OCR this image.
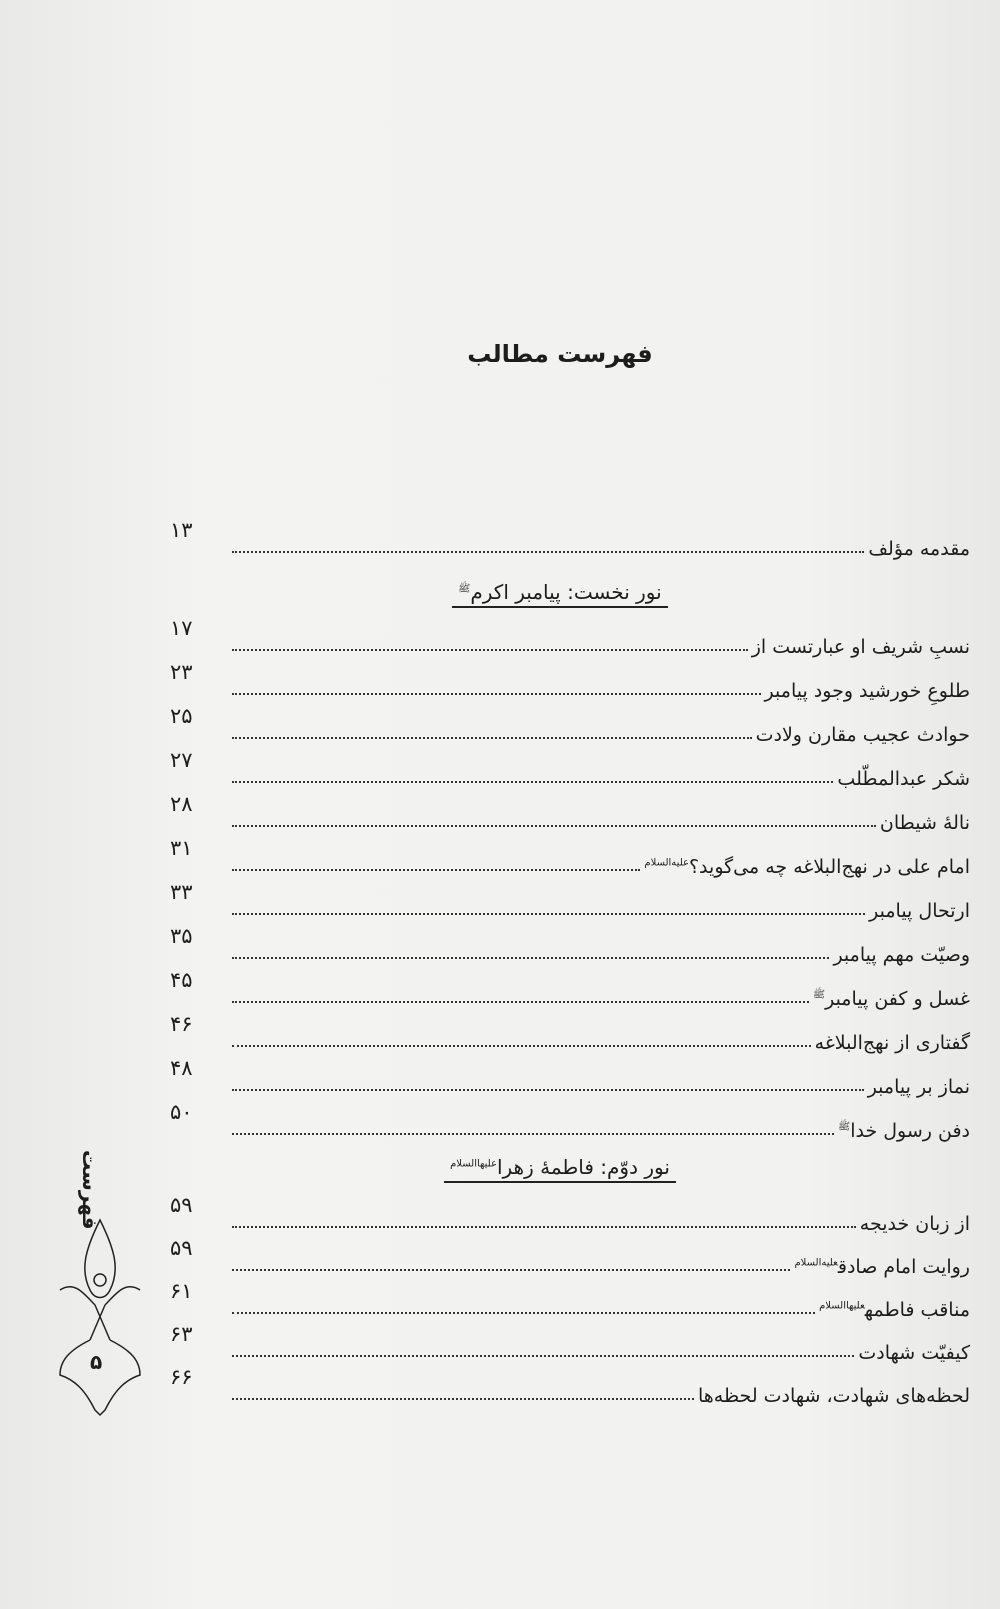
فهرست مطالب
۱۳
مقدمه مؤلف
نور نخست: پیامبر اکرم$^ﷺ$
۱۷
نسبِ شریف او عبارتست از
۲۳
طلوعِ خورشید وجود پیامبر
۲۵
حوادث عجیب مقارن ولادت
۲۷
شکر عبدالمطّلب
۲۸
نالۀ شیطان
۳۱
امام علی در نهج‌البلاغه چه می‌گوید؟$^{علیه‌السلام}$
۳۳
ارتحال پیامبر
۳۵
وصیّت مهم پیامبر
۴۵
غسل و کفن پیامبر$^ﷺ$
۴۶
گفتاری از نهج‌البلاغه
۴۸
نماز بر پیامبر
۵۰
دفن رسول خدا$^ﷺ$
نور دوّم: فاطمۀ زهرا$^{علیهاالسلام}$
۵۹
از زبان خدیجه
۵۹
روایت امام صادق$^{علیه‌السلام}$
۶۱
مناقب فاطمه$^{علیهاالسلام}$
۶۳
کیفیّت شهادت
۶۶
لحظه‌های شهادت، شهادت لحظه‌ها
فهرست
۵
